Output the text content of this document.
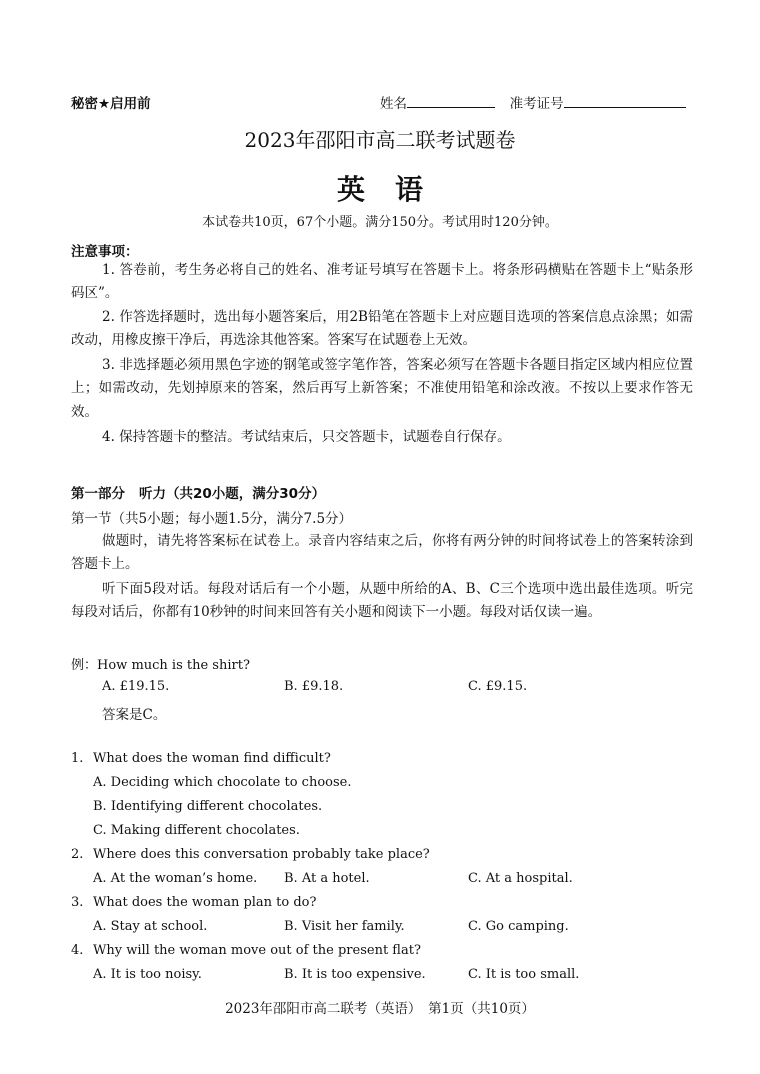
秘密★启用前	姓名	准考证号
2023年邵阳市高二联考试题卷
英语
本试卷共10页，67个小题。满分150分。考试用时120分钟。
注意事项：
1. 答卷前，考生务必将自己的姓名、准考证号填写在答题卡上。将条形码横贴在答题卡上“贴条形码区”。
2. 作答选择题时，选出每小题答案后，用2B铅笔在答题卡上对应题目选项的答案信息点涂黑；如需改动，用橡皮擦干净后，再选涂其他答案。答案写在试题卷上无效。
3. 非选择题必须用黑色字迹的钢笔或签字笔作答，答案必须写在答题卡各题目指定区域内相应位置上；如需改动，先划掉原来的答案，然后再写上新答案；不准使用铅笔和涂改液。不按以上要求作答无效。
4. 保持答题卡的整洁。考试结束后，只交答题卡，试题卷自行保存。
第一部分 听力（共20小题，满分30分）
第一节（共5小题；每小题1.5分，满分7.5分）
做题时，请先将答案标在试卷上。录音内容结束之后，你将有两分钟的时间将试卷上的答案转涂到答题卡上。
听下面5段对话。每段对话后有一个小题，从题中所给的A、B、C三个选项中选出最佳选项。听完每段对话后，你都有10秒钟的时间来回答有关小题和阅读下一小题。每段对话仅读一遍。
例：How much is the shirt?
A. £19.15.	B. £9.18.	C. £9.15.
答案是C。
1. What does the woman find difficult?
A. Deciding which chocolate to choose.
B. Identifying different chocolates.
C. Making different chocolates.
2. Where does this conversation probably take place?
A. At the woman’s home. B. At a hotel.	C. At a hospital.
3. What does the woman plan to do?
A. Stay at school.	B. Visit her family.	C. Go camping.
4. Why will the woman move out of the present flat?
A. It is too noisy.	B. It is too expensive.	C. It is too small.
2023年邵阳市高二联考（英语）　第1页（共10页）
